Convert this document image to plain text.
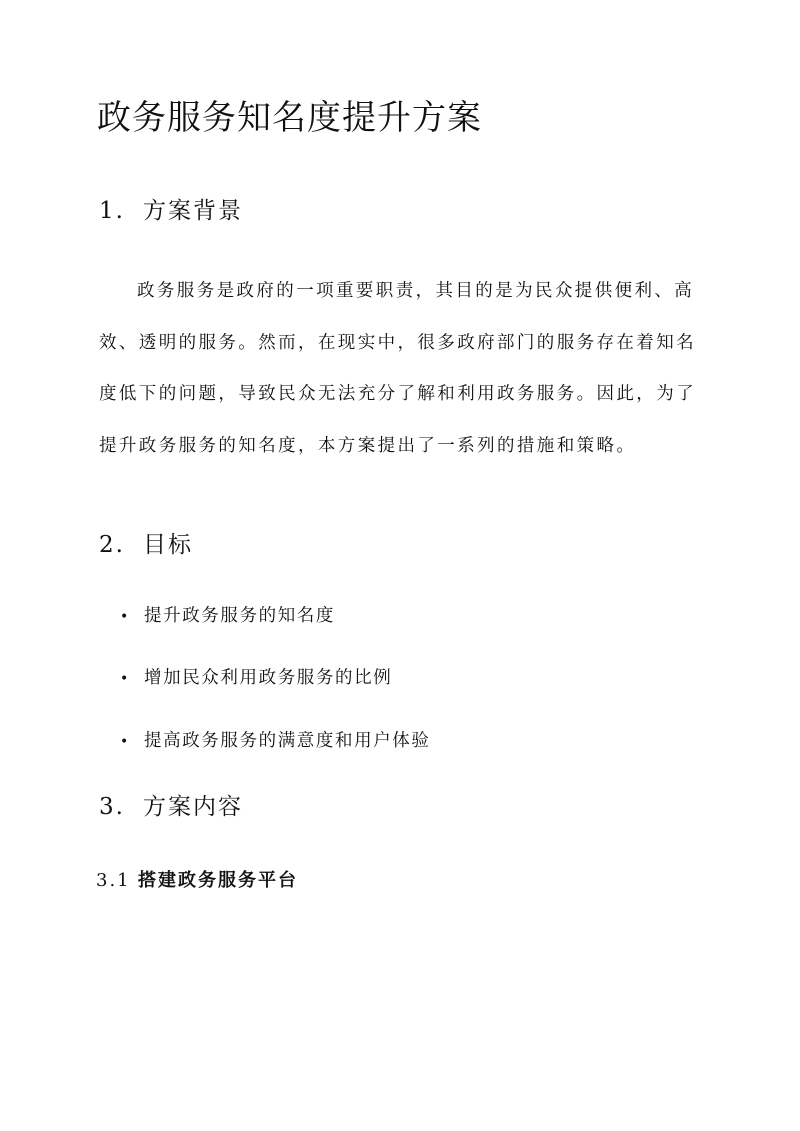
政务服务知名度提升方案
1. 方案背景

政务服务是政府的一项重要职责，其目的是为民众提供便利、高效、透明的服务。然而，在现实中，很多政府部门的服务存在着知名度低下的问题，导致民众无法充分了解和利用政务服务。因此，为了提升政务服务的知名度，本方案提出了一系列的措施和策略。

2. 目标
• 提升政务服务的知名度
• 增加民众利用政务服务的比例
• 提高政务服务的满意度和用户体验
3. 方案内容
3.1 搭建政务服务平台
